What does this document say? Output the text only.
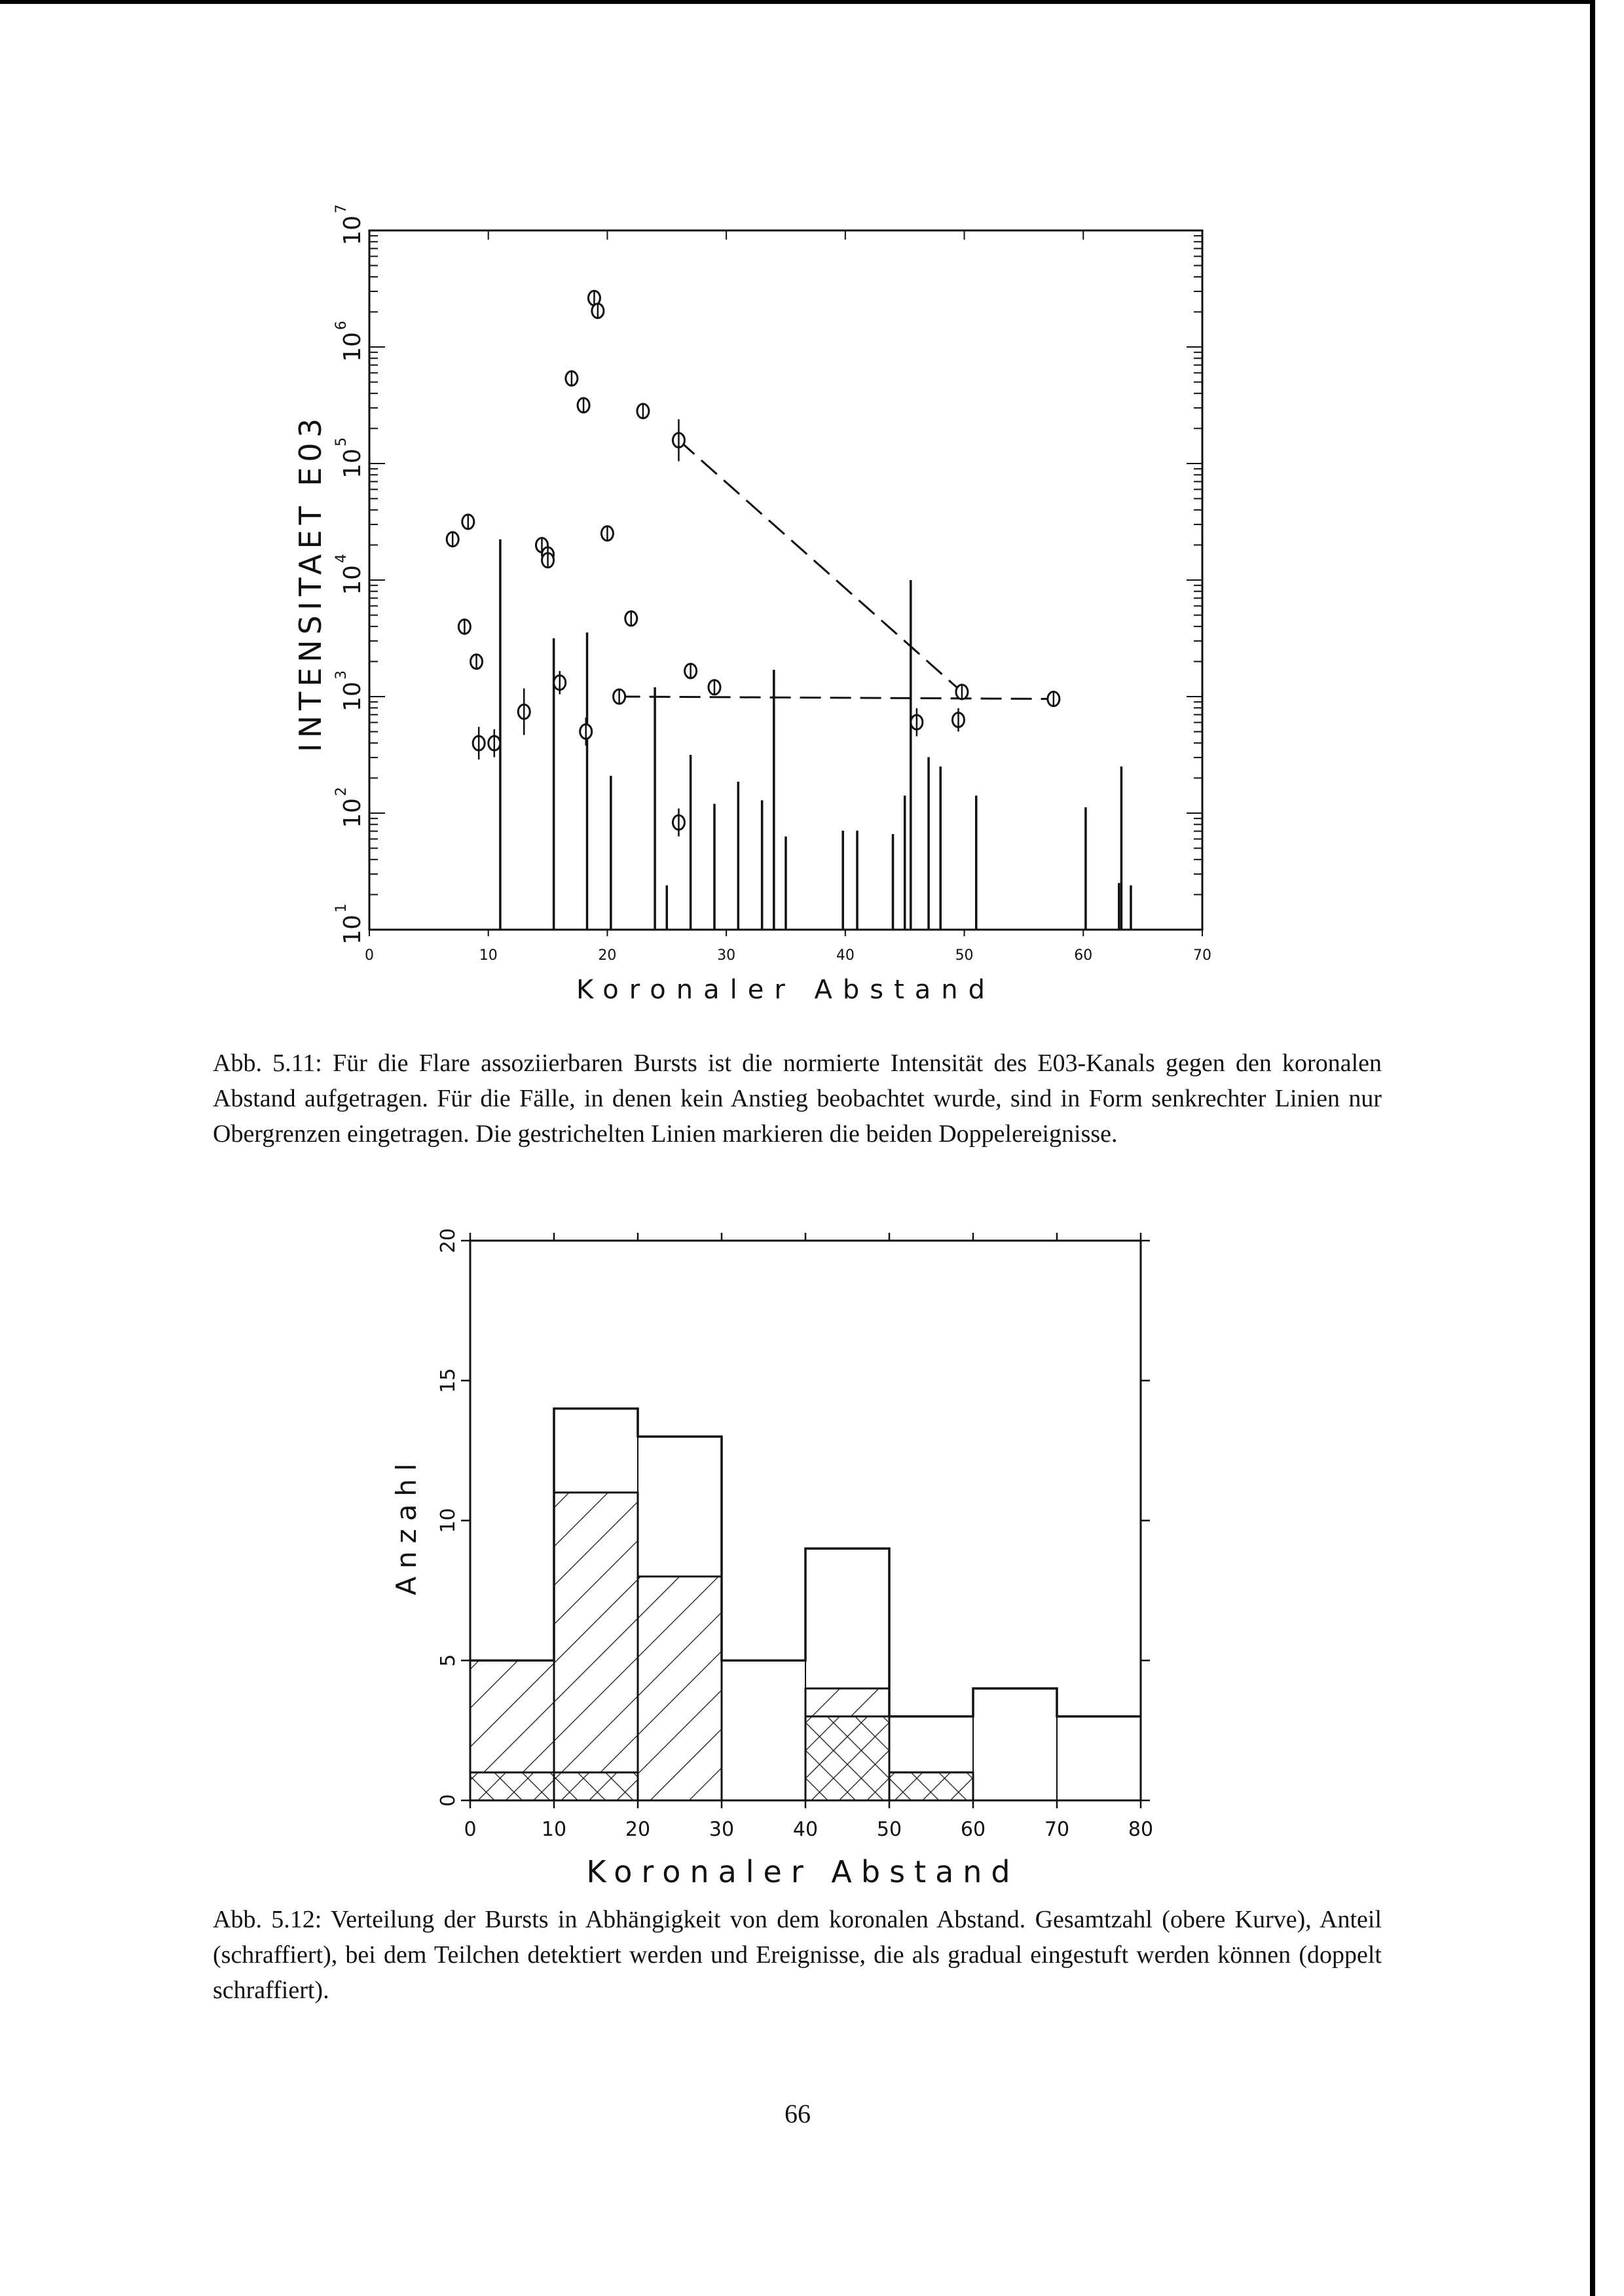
10
1
10
2
10
3
10
4
10
5
10
6
10
7
0	10	20	30	40	50	60	70
INTENSITAET E03
Koronaler Abstand

Abb. 5.11: Für die Flare assoziierbaren Bursts ist die normierte Intensität des E03-Kanals gegen den koronalen Abstand aufgetragen. Für die Fälle, in denen kein Anstieg beobachtet wurde, sind in Form senkrechter Linien nur Obergrenzen eingetragen. Die gestrichelten Linien markieren die beiden Doppelereignisse.

0
5
10
15
20
0	10	20	30	40	50	60	70	80
Anzahl
Koronaler Abstand

Abb. 5.12: Verteilung der Bursts in Abhängigkeit von dem koronalen Abstand. Gesamtzahl (obere Kurve), Anteil (schraffiert), bei dem Teilchen detektiert werden und Ereignisse, die als gradual eingestuft werden können (doppelt schraffiert).

66
